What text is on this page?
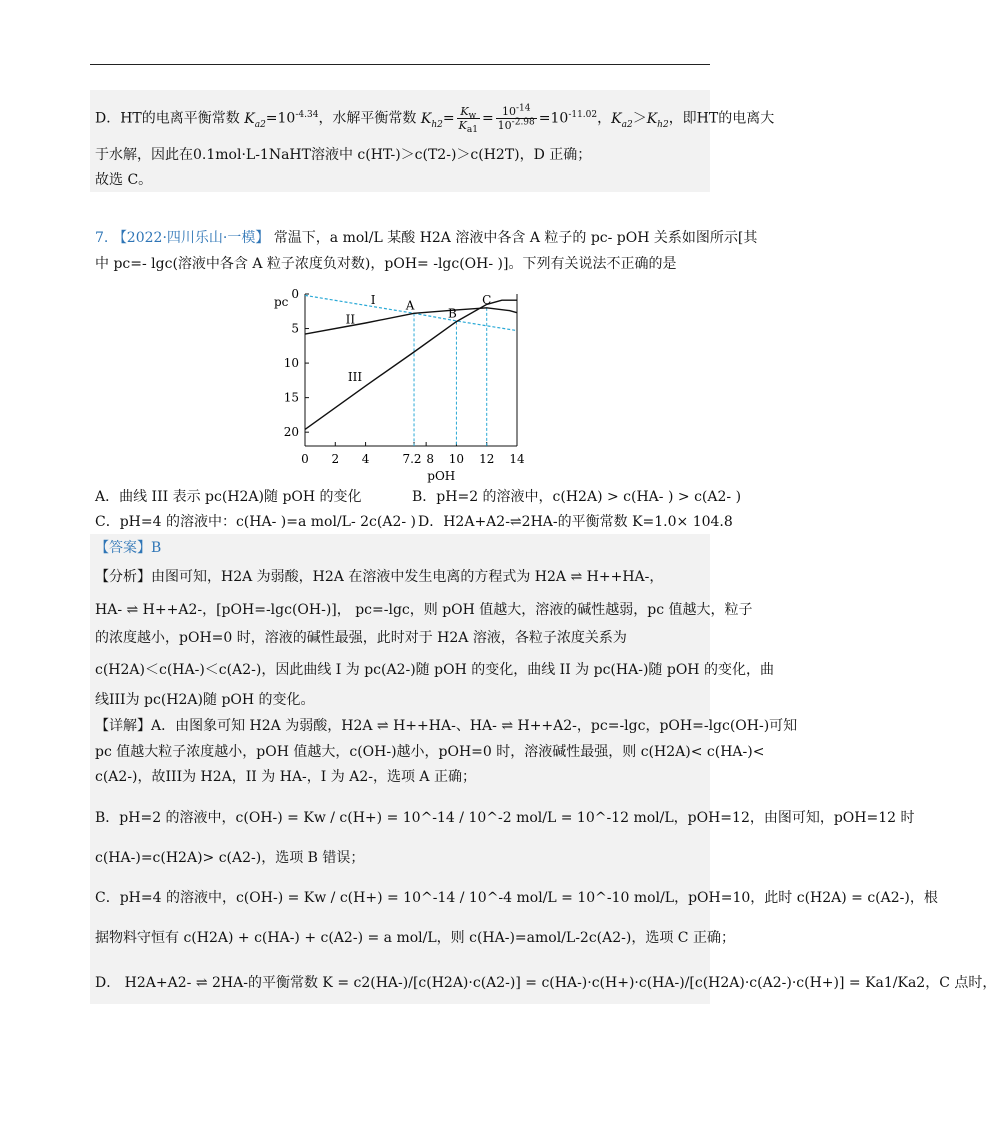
D．HT的电离平衡常数 $K_{a2}=10^{-4.34}$，水解平衡常数 $K_{h2}= \frac{K_w}{K_{a1}} = \frac{10^{-14}}{10^{-2.98}} =10^{-11.02}$，$K_{a2}>K_{h2}$，即HT的电离大
于水解，因此在0.1mol·L-1NaHT溶液中 c(HT-)＞c(T2-)＞c(H2T)，D 正确；
故选 C。
7. 【2022·四川乐山·一模】 常温下，a mol/L 某酸 H2A 溶液中各含 A 粒子的 pc- pOH 关系如图所示[其
中 pc=- lgc(溶液中各含 A 粒子浓度负对数)，pOH= -lgc(OH- )]。下列有关说法不正确的是
0
5
10
15
20
0 2 4	7.2 8 10 12 14
pc
pOH
A
B
C
I
II
III
A．曲线 III 表示 pc(H2A)随 pOH 的变化	B．pH=2 的溶液中，c(H2A) > c(HA- ) > c(A2- )
C．pH=4 的溶液中：c(HA- )=a mol/L- 2c(A2- ) D．H2A+A2-⇌2HA-的平衡常数 K=1.0× 104.8
【答案】B
【分析】由图可知，H2A 为弱酸，H2A 在溶液中发生电离的方程式为 H2A ⇌ H++HA-，
HA- ⇌ H++A2-，[pOH=-lgc(OH-)]， pc=-lgc，则 pOH 值越大，溶液的碱性越弱，pc 值越大，粒子
的浓度越小，pOH=0 时，溶液的碱性最强，此时对于 H2A 溶液，各粒子浓度关系为
c(H2A)＜c(HA-)＜c(A2-)，因此曲线 I 为 pc(A2-)随 pOH 的变化，曲线 II 为 pc(HA-)随 pOH 的变化，曲
线III为 pc(H2A)随 pOH 的变化。
【详解】A．由图象可知 H2A 为弱酸，H2A ⇌ H++HA-、HA- ⇌ H++A2-，pc=-lgc，pOH=-lgc(OH-)可知
pc 值越大粒子浓度越小，pOH 值越大，c(OH-)越小，pOH=0 时，溶液碱性最强，则 c(H2A)< c(HA-)<
c(A2-)，故III为 H2A，II 为 HA-，I 为 A2-，选项 A 正确；
B．pH=2 的溶液中，c(OH-) = Kw / c(H+) = 10^-14 / 10^-2 mol/L = 10^-12 mol/L，pOH=12，由图可知，pOH=12 时
c(HA-)=c(H2A)> c(A2-)，选项 B 错误；
C．pH=4 的溶液中，c(OH-) = Kw / c(H+) = 10^-14 / 10^-4 mol/L = 10^-10 mol/L，pOH=10，此时 c(H2A) = c(A2-)，根
据物料守恒有 c(H2A) + c(HA-) + c(A2-) = a mol/L，则 c(HA-)=amol/L-2c(A2-)，选项 C 正确；
D． H2A+A2- ⇌ 2HA-的平衡常数 K = c2(HA-)/[c(H2A)·c(A2-)] = c(HA-)·c(H+)·c(HA-)/[c(H2A)·c(A2-)·c(H+)] = Ka1/Ka2，C 点时，
